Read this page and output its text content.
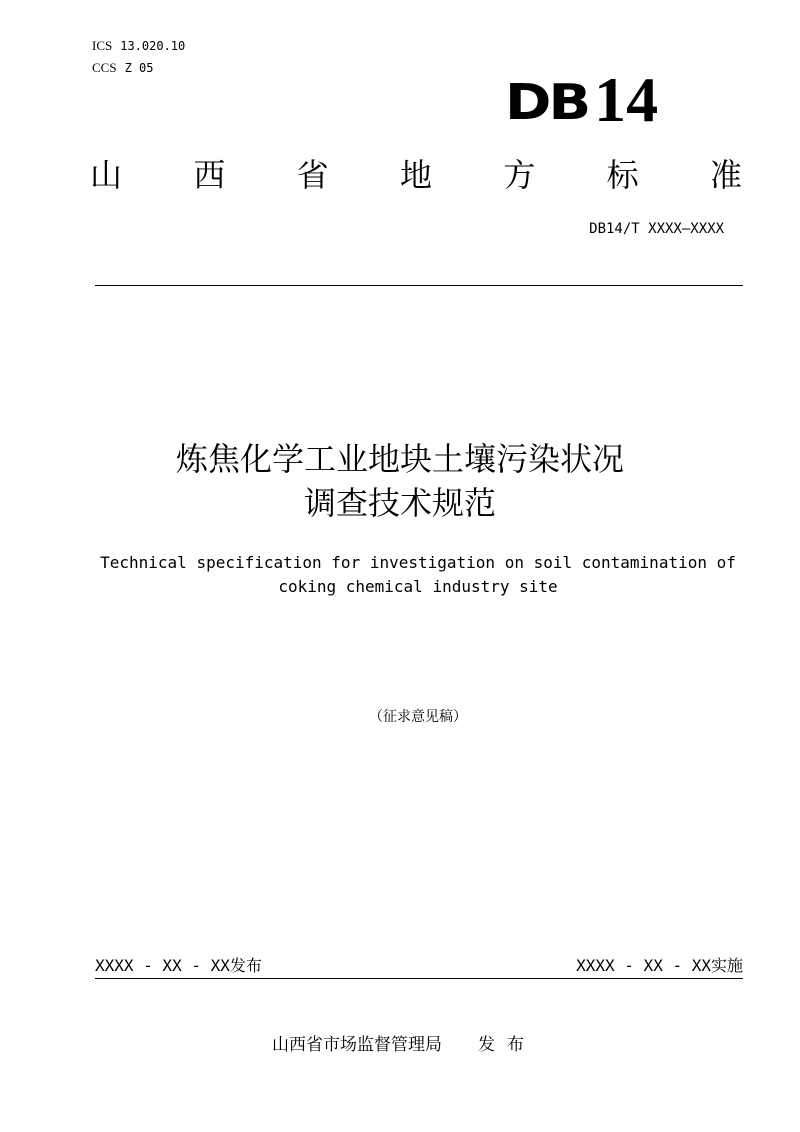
ICS 13.020.10
CCS Z 05
DB14
山 西 省 地 方 标 准
DB14/T XXXX—XXXX
炼焦化学工业地块土壤污染状况
调查技术规范
Technical specification for investigation on soil contamination of
coking chemical industry site
（征求意见稿）
XXXX - XX - XX发布	XXXX - XX - XX实施
山西省市场监督管理局 发布
